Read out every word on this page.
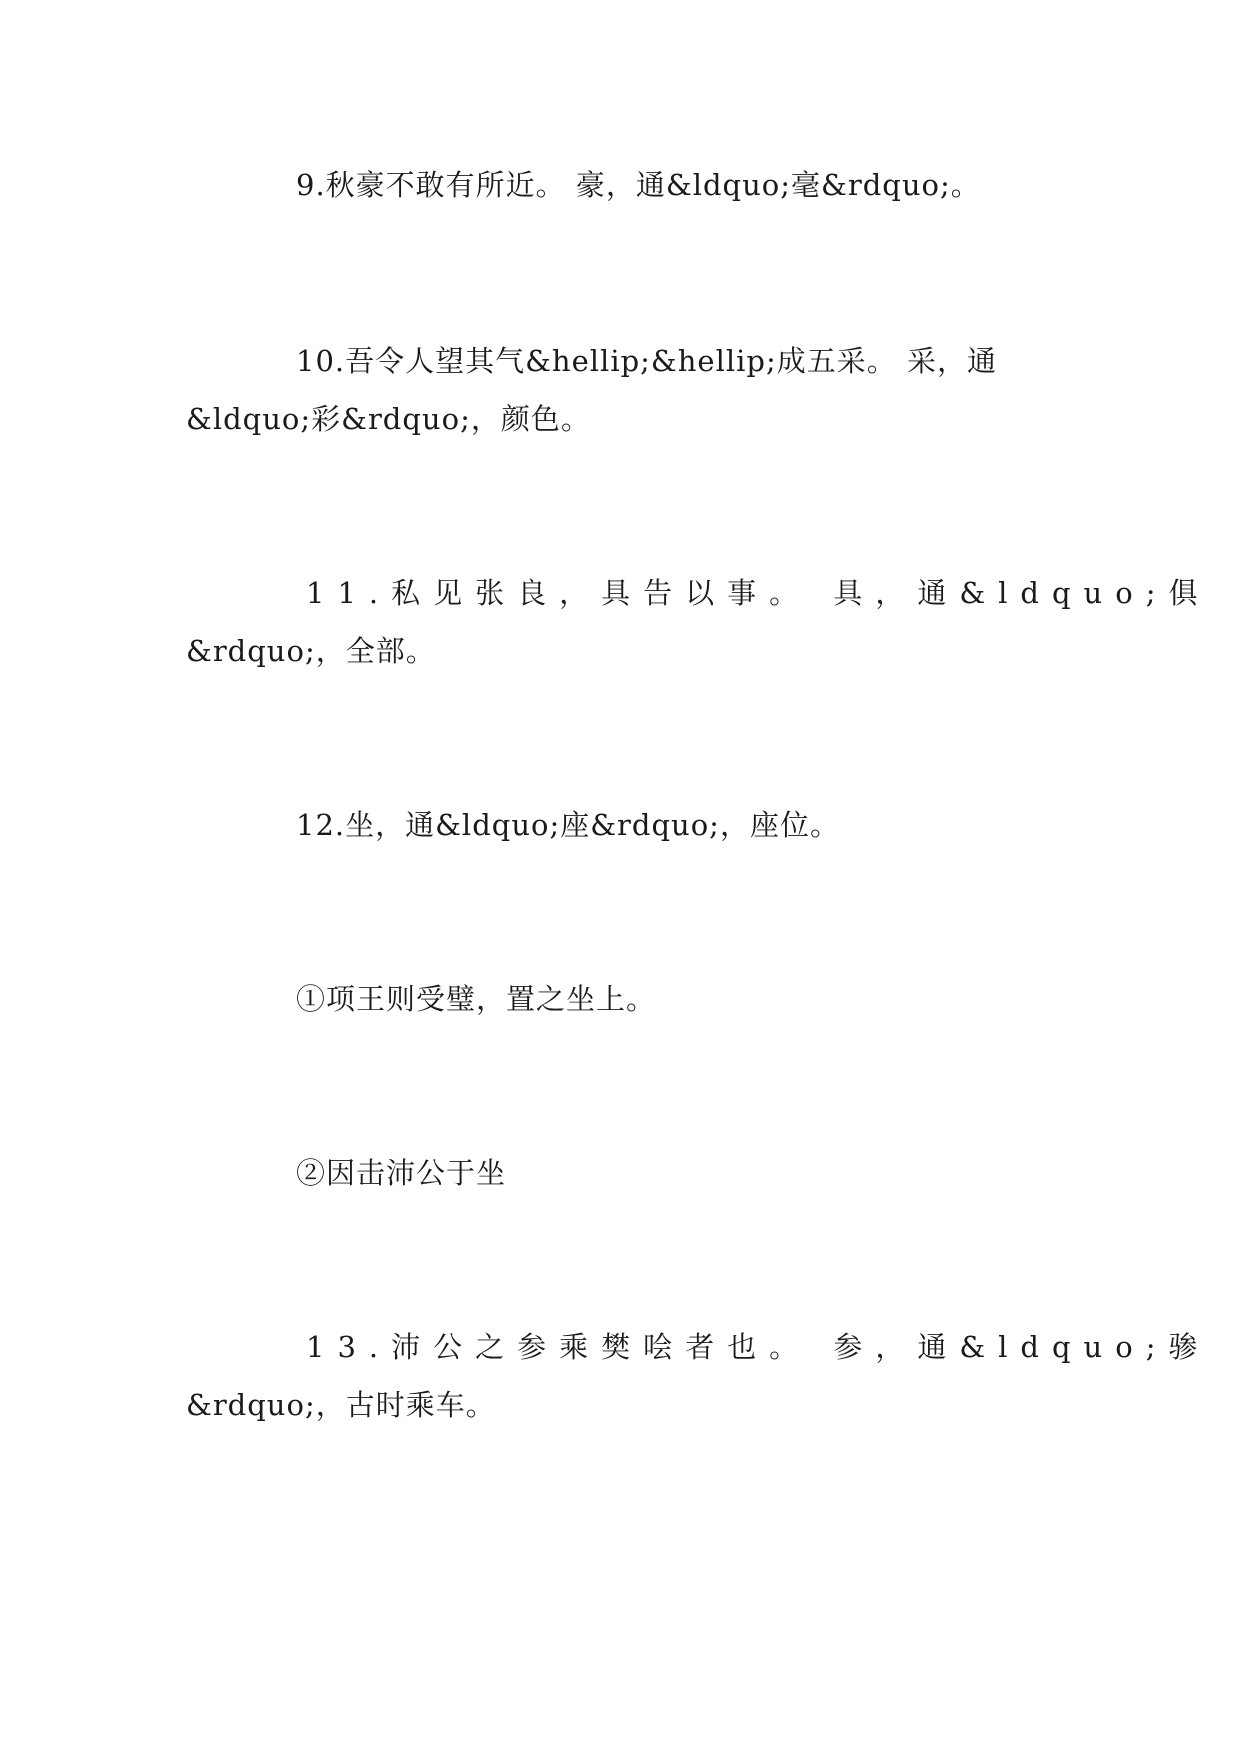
9.秋豪不敢有所近。 豪，通&ldquo;毫&rdquo;。
10.吾令人望其气&hellip;&hellip;成五采。 采，通
&ldquo;彩&rdquo;，颜色。
11.私见张良，具告以事。 具，通&ldquo;俱
&rdquo;，全部。
12.坐，通&ldquo;座&rdquo;，座位。
①项王则受璧，置之坐上。
②因击沛公于坐
13.沛公之参乘樊哙者也。 参，通&ldquo;骖
&rdquo;，古时乘车。
